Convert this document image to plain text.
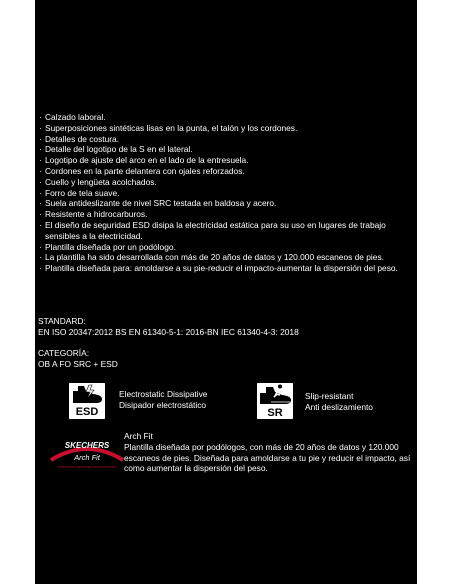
· Calzado laboral.
· Superposiciones sintéticas lisas en la punta, el talón y los cordones.
· Detalles de costura.
· Detalle del logotipo de la S en el lateral.
· Logotipo de ajuste del arco en el lado de la entresuela.
· Cordones en la parte delantera con ojales reforzados.
· Cuello y lengüeta acolchados.
· Forro de tela suave.
· Suela antideslizante de nivel SRC testada en baldosa y acero.
· Resistente a hidrocarburos.
· El diseño de seguridad ESD disipa la electricidad estática para su uso en lugares de trabajo sensibles a la electricidad.
· Plantilla diseñada por un podólogo.
· La plantilla ha sido desarrollada con más de 20 años de datos y 120.000 escaneos de pies.
· Plantilla diseñada para: amoldarse a su pie-reducir el impacto-aumentar la dispersión del peso.
STANDARD:
EN ISO 20347:2012 BS EN 61340-5-1: 2016-BN IEC 61340-4-3: 2018
CATEGORÍA:
OB A FO SRC + ESD
ESD
Electrostatic Dissipative
Disipador electrostático
SR
Slip-resistant
Anti deslizamiento
SKECHERS
Arch Fit
PODIATRIST CERTIFIED ARCH SUPPORT
Arch Fit
Plantilla diseñada por podólogos, con más de 20 años de datos y 120.000 escaneos de pies. Diseñada para amoldarse a tu pie y reducir el impacto, así como aumentar la dispersión del peso.
